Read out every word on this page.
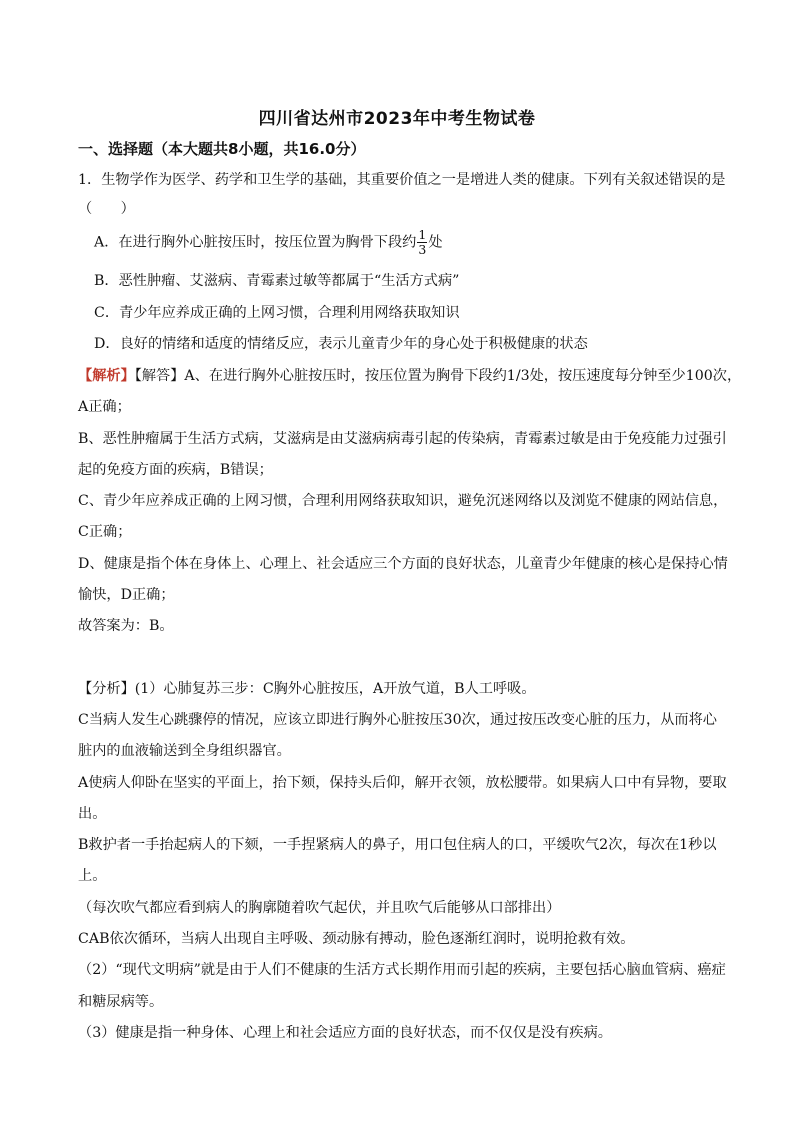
四川省达州市2023年中考生物试卷
一、选择题（本大题共8小题，共16.0分）
1．生物学作为医学、药学和卫生学的基础，其重要价值之一是增进人类的健康。下列有关叙述错误的是
（　　）
A．在进行胸外心脏按压时，按压位置为胸骨下段约 $\frac{1}{3}$ 处
B．恶性肿瘤、艾滋病、青霉素过敏等都属于“生活方式病”
C．青少年应养成正确的上网习惯，合理利用网络获取知识
D．良好的情绪和适度的情绪反应，表示儿童青少年的身心处于积极健康的状态
【解析】【解答】A、在进行胸外心脏按压时，按压位置为胸骨下段约1/3处，按压速度每分钟至少100次，
A正确；
B、恶性肿瘤属于生活方式病，艾滋病是由艾滋病病毒引起的传染病，青霉素过敏是由于免疫能力过强引
起的免疫方面的疾病，B错误；
C、青少年应养成正确的上网习惯，合理利用网络获取知识，避免沉迷网络以及浏览不健康的网站信息，
C正确；
D、健康是指个体在身体上、心理上、社会适应三个方面的良好状态，儿童青少年健康的核心是保持心情
愉快，D正确；
故答案为：B。
【分析】(1）心肺复苏三步：C胸外心脏按压，A开放气道，B人工呼吸。
C当病人发生心跳骤停的情况，应该立即进行胸外心脏按压30次，通过按压改变心脏的压力，从而将心
脏内的血液输送到全身组织器官。
A使病人仰卧在坚实的平面上，抬下颏，保持头后仰，解开衣领，放松腰带。如果病人口中有异物，要取
出。
B救护者一手抬起病人的下颏，一手捏紧病人的鼻子，用口包住病人的口，平缓吹气2次，每次在1秒以
上。
（每次吹气都应看到病人的胸廓随着吹气起伏，并且吹气后能够从口部排出）
CAB依次循环，当病人出现自主呼吸、颈动脉有搏动，脸色逐渐红润时，说明抢救有效。
（2）“现代文明病”就是由于人们不健康的生活方式长期作用而引起的疾病，主要包括心脑血管病、癌症
和糖尿病等。
（3）健康是指一种身体、心理上和社会适应方面的良好状态，而不仅仅是没有疾病。
